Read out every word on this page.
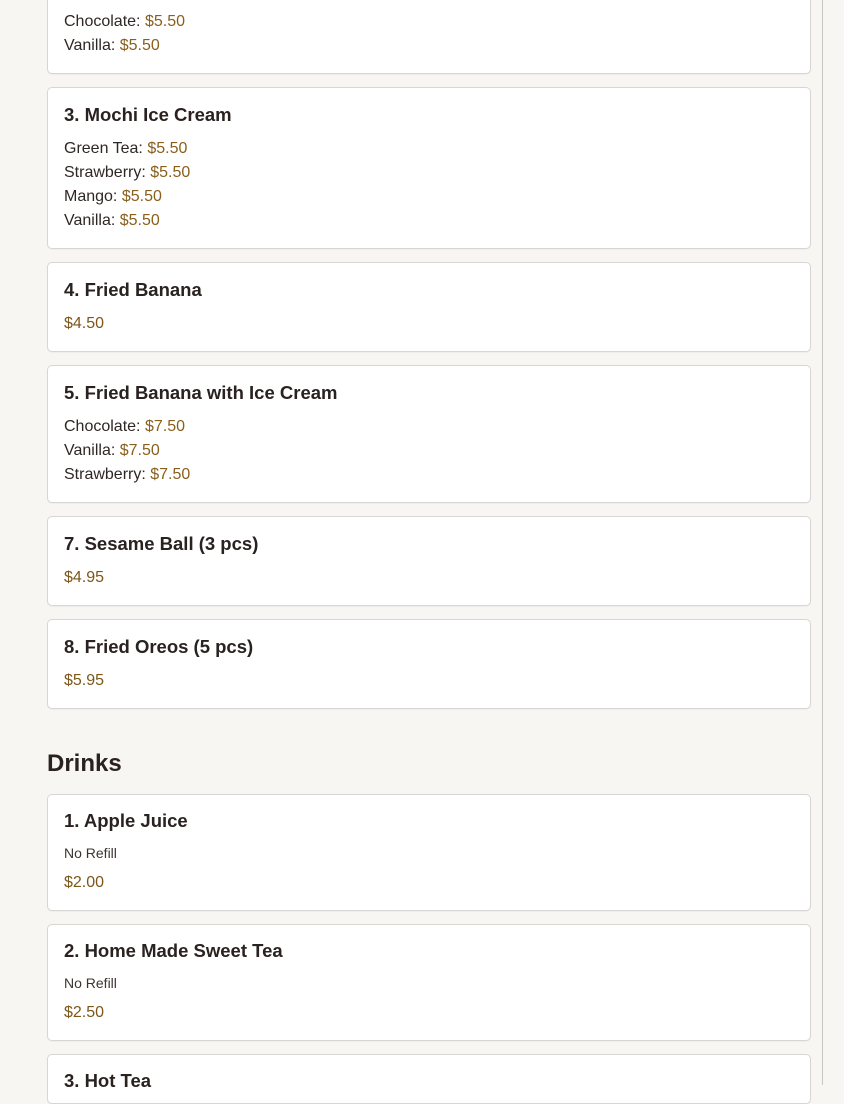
Chocolate: $5.50
Vanilla: $5.50
3. Mochi Ice Cream
Green Tea: $5.50
Strawberry: $5.50
Mango: $5.50
Vanilla: $5.50
4. Fried Banana
$4.50
5. Fried Banana with Ice Cream
Chocolate: $7.50
Vanilla: $7.50
Strawberry: $7.50
7. Sesame Ball (3 pcs)
$4.95
8. Fried Oreos (5 pcs)
$5.95
Drinks
1. Apple Juice
No Refill
$2.00
2. Home Made Sweet Tea
No Refill
$2.50
3. Hot Tea
